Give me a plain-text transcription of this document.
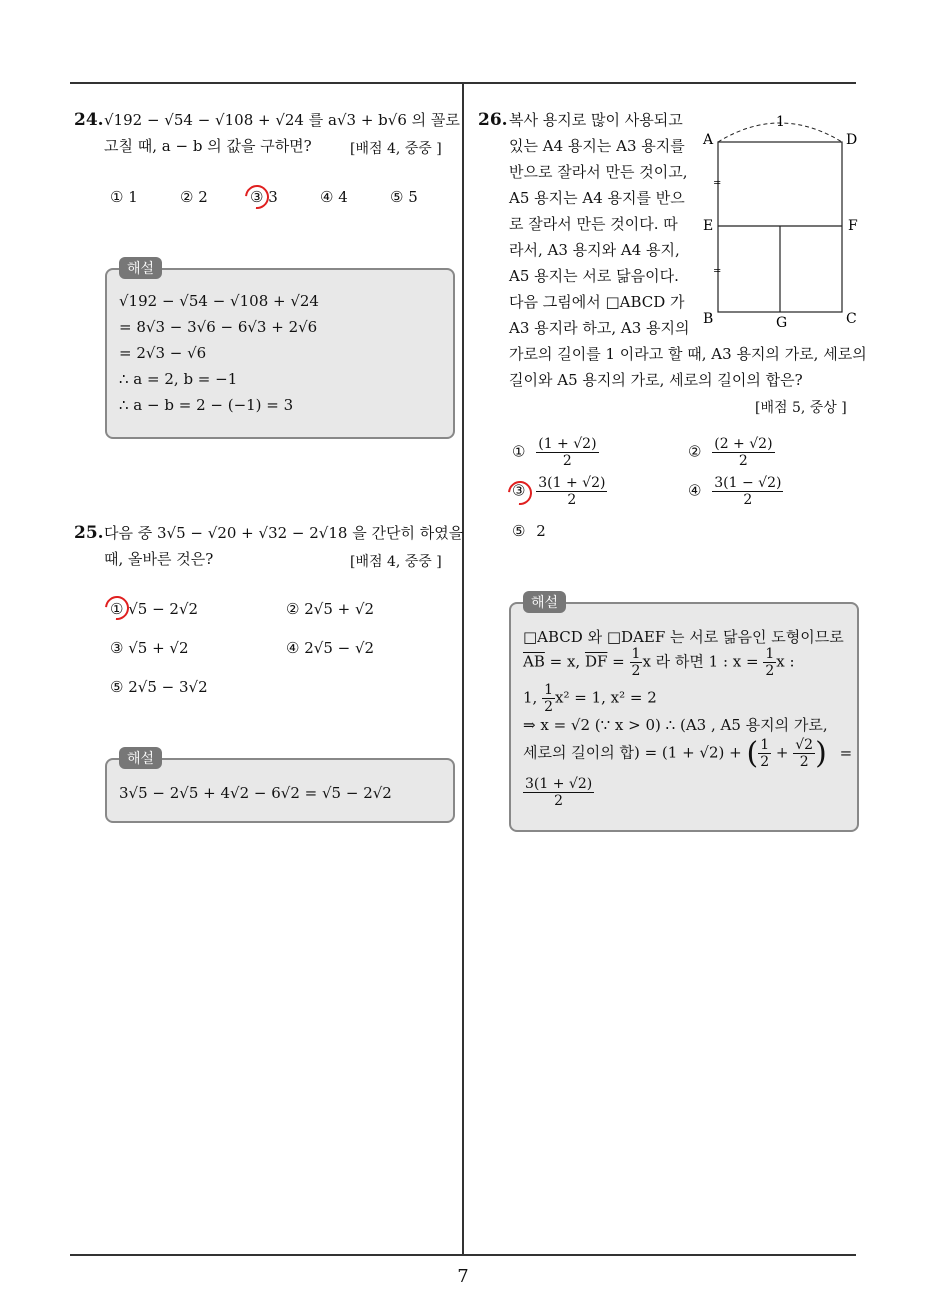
7
24. √192 − √54 − √108 + √24 를 a√3 + b√6 의 꼴로
고칠 때, a − b 의 값을 구하면?	[배점 4, 중중 ]
① 1	② 2	③ 3	④ 4	⑤ 5
√192 − √54 − √108 + √24
= 8√3 − 3√6 − 6√3 + 2√6
= 2√3 − √6
∴ a = 2, b = −1
∴ a − b = 2 − (−1) = 3
해설
25. 다음 중 3√5 − √20 + √32 − 2√18 을 간단히 하였을
때, 올바른 것은?	[배점 4, 중중 ]
① √5 − 2√2	② 2√5 + √2
③ √5 + √2	④ 2√5 − √2
⑤ 2√5 − 3√2
3√5 − 2√5 + 4√2 − 6√2 = √5 − 2√2
해설
26. 복사 용지로 많이 사용되고
있는 A4 용지는 A3 용지를
반으로 잘라서 만든 것이고,
A5 용지는 A4 용지를 반으
로 잘라서 만든 것이다. 따
라서, A3 용지와 A4 용지,
A5 용지는 서로 닮음이다.
다음 그림에서 □ABCD 가
A3 용지라 하고, A3 용지의
가로의 길이를 1 이라고 할 때, A3 용지의 가로, 세로의
길이와 A5 용지의 가로, 세로의 길이의 합은?
[배점 5, 중상 ]
1
A	D
E	F
B	G	C
=
=
① $\frac{(1 + √2)}{2}$	② $\frac{(2 + √2)}{2}$
③ $\frac{3(1 + √2)}{2}$	④ $\frac{3(1 - √2)}{2}$
⑤ 2
□ABCD 와 □DAEF 는 서로 닮음인 도형이므로
$\overline{AB} = x$, $\overline{DF} = \frac{1}{2}$ x 라 하면 1 : $x = \frac{1}{2}$ x :
1, $\frac{1}{2} x^2 = 1$, x² = 2
⇒ x = √2 (∵ x > 0) ∴ (A3 , A5 용지의 가로,
세로의 길이의 합) = (1 + √2) + ( $\frac{1}{2} + \frac{√2}{2}$ ) =
$\frac{3(1 + √2)}{2}$
해설
